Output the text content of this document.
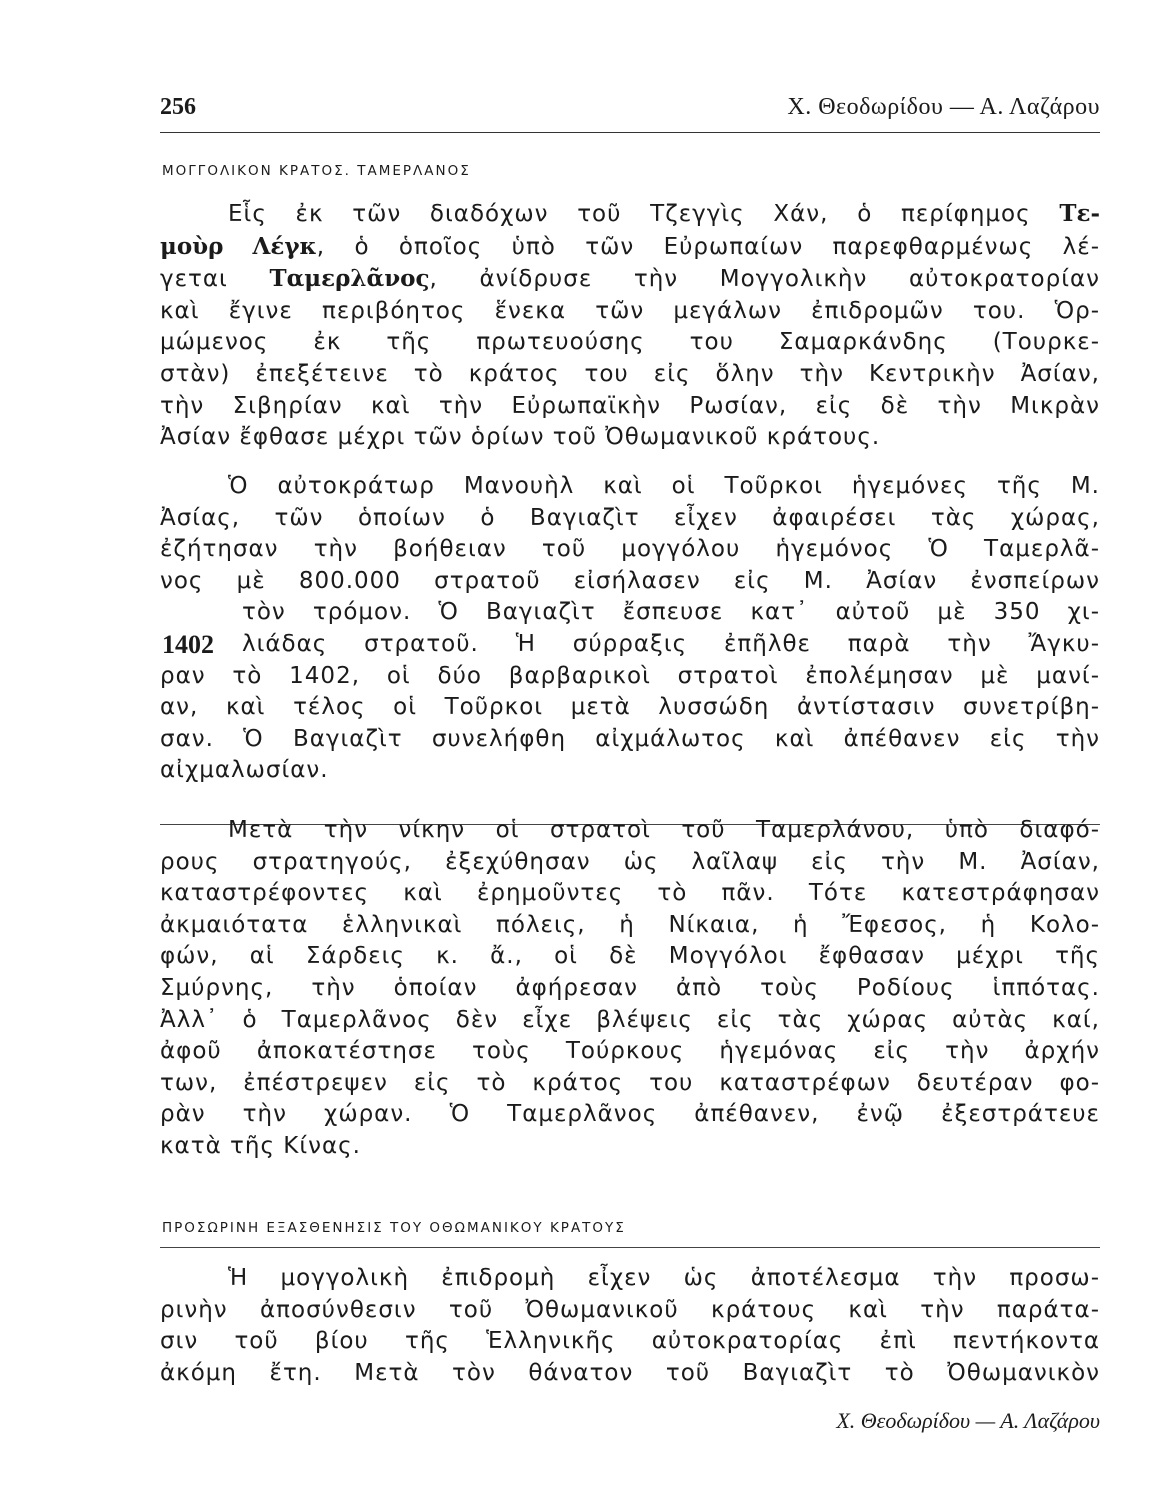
256	Χ. Θεοδωρίδου — Α. Λαζάρου
ΜΟΓΓΟΛΙΚΟΝ ΚΡΑΤΟΣ. ΤΑΜΕΡΛΑΝΟΣ
Εἷς ἐκ τῶν διαδόχων τοῦ Τζεγγὶς Χάν, ὁ περίφημος Τε-
μοὺρ Λέγκ, ὁ ὁποῖος ὑπὸ τῶν Εὐρωπαίων παρεφθαρμένως λέ-
γεται Ταμερλᾶνος, ἀνίδρυσε τὴν Μογγολικὴν αὐτοκρατορίαν
καὶ ἔγινε περιβόητος ἕνεκα τῶν μεγάλων ἐπιδρομῶν του. Ὁρ-
μώμενος ἐκ τῆς πρωτευούσης του Σαμαρκάνδης (Τουρκε-
στὰν) ἐπεξέτεινε τὸ κράτος του εἰς ὅλην τὴν Κεντρικὴν Ἀσίαν,
τὴν Σιβηρίαν καὶ τὴν Εὐρωπαϊκὴν Ρωσίαν, εἰς δὲ τὴν Μικρὰν
Ἀσίαν ἔφθασε μέχρι τῶν ὁρίων τοῦ Ὀθωμανικοῦ κράτους.
Ὁ αὐτοκράτωρ Μανουὴλ καὶ οἱ Τοῦρκοι ἡγεμόνες τῆς Μ.
Ἀσίας, τῶν ὁποίων ὁ Βαγιαζὶτ εἶχεν ἀφαιρέσει τὰς χώρας,
ἐζήτησαν τὴν βοήθειαν τοῦ μογγόλου ἡγεμόνος Ὁ Ταμερλᾶ-
νος μὲ 800.000 στρατοῦ εἰσήλασεν εἰς Μ. Ἀσίαν ἐνσπείρων
τὸν τρόμον. Ὁ Βαγιαζὶτ ἔσπευσε κατ᾽ αὐτοῦ μὲ 350 χι-
λιάδας στρατοῦ. Ἡ σύρραξις ἐπῆλθε παρὰ τὴν Ἄγκυ-
ραν τὸ 1402, οἱ δύο βαρβαρικοὶ στρατοὶ ἐπολέμησαν μὲ μανί-
αν, καὶ τέλος οἱ Τοῦρκοι μετὰ λυσσώδη ἀντίστασιν συνετρίβη-
σαν. Ὁ Βαγιαζὶτ συνελήφθη αἰχμάλωτος καὶ ἀπέθανεν εἰς τὴν
αἰχμαλωσίαν.
1402
Μετὰ τὴν νίκην οἱ στρατοὶ τοῦ Ταμερλάνου, ὑπὸ διαφό-
ρους στρατηγούς, ἐξεχύθησαν ὡς λαῖλαψ εἰς τὴν Μ. Ἀσίαν,
καταστρέφοντες καὶ ἐρημοῦντες τὸ πᾶν. Τότε κατεστράφησαν
ἀκμαιότατα ἑλληνικαὶ πόλεις, ἡ Νίκαια, ἡ Ἔφεσος, ἡ Κολο-
φών, αἱ Σάρδεις κ. ἄ., οἱ δὲ Μογγόλοι ἔφθασαν μέχρι τῆς
Σμύρνης, τὴν ὁποίαν ἀφήρεσαν ἀπὸ τοὺς Ροδίους ἱππότας.
Ἀλλ᾽ ὁ Ταμερλᾶνος δὲν εἶχε βλέψεις εἰς τὰς χώρας αὐτὰς καί,
ἀφοῦ ἀποκατέστησε τοὺς Τούρκους ἡγεμόνας εἰς τὴν ἀρχήν
των, ἐπέστρεψεν εἰς τὸ κράτος του καταστρέφων δευτέραν φο-
ρὰν τὴν χώραν. Ὁ Ταμερλᾶνος ἀπέθανεν, ἐνῷ ἐξεστράτευε
κατὰ τῆς Κίνας.
ΠΡΟΣΩΡΙΝΗ ΕΞΑΣΘΕΝΗΣΙΣ ΤΟΥ ΟΘΩΜΑΝΙΚΟΥ ΚΡΑΤΟΥΣ
Ἡ μογγολικὴ ἐπιδρομὴ εἶχεν ὡς ἀποτέλεσμα τὴν προσω-
ρινὴν ἀποσύνθεσιν τοῦ Ὀθωμανικοῦ κράτους καὶ τὴν παράτα-
σιν τοῦ βίου τῆς Ἑλληνικῆς αὐτοκρατορίας ἐπὶ πεντήκοντα
ἀκόμη ἔτη. Μετὰ τὸν θάνατον τοῦ Βαγιαζὶτ τὸ Ὀθωμανικὸν
Χ. Θεοδωρίδου — Α. Λαζάρου
